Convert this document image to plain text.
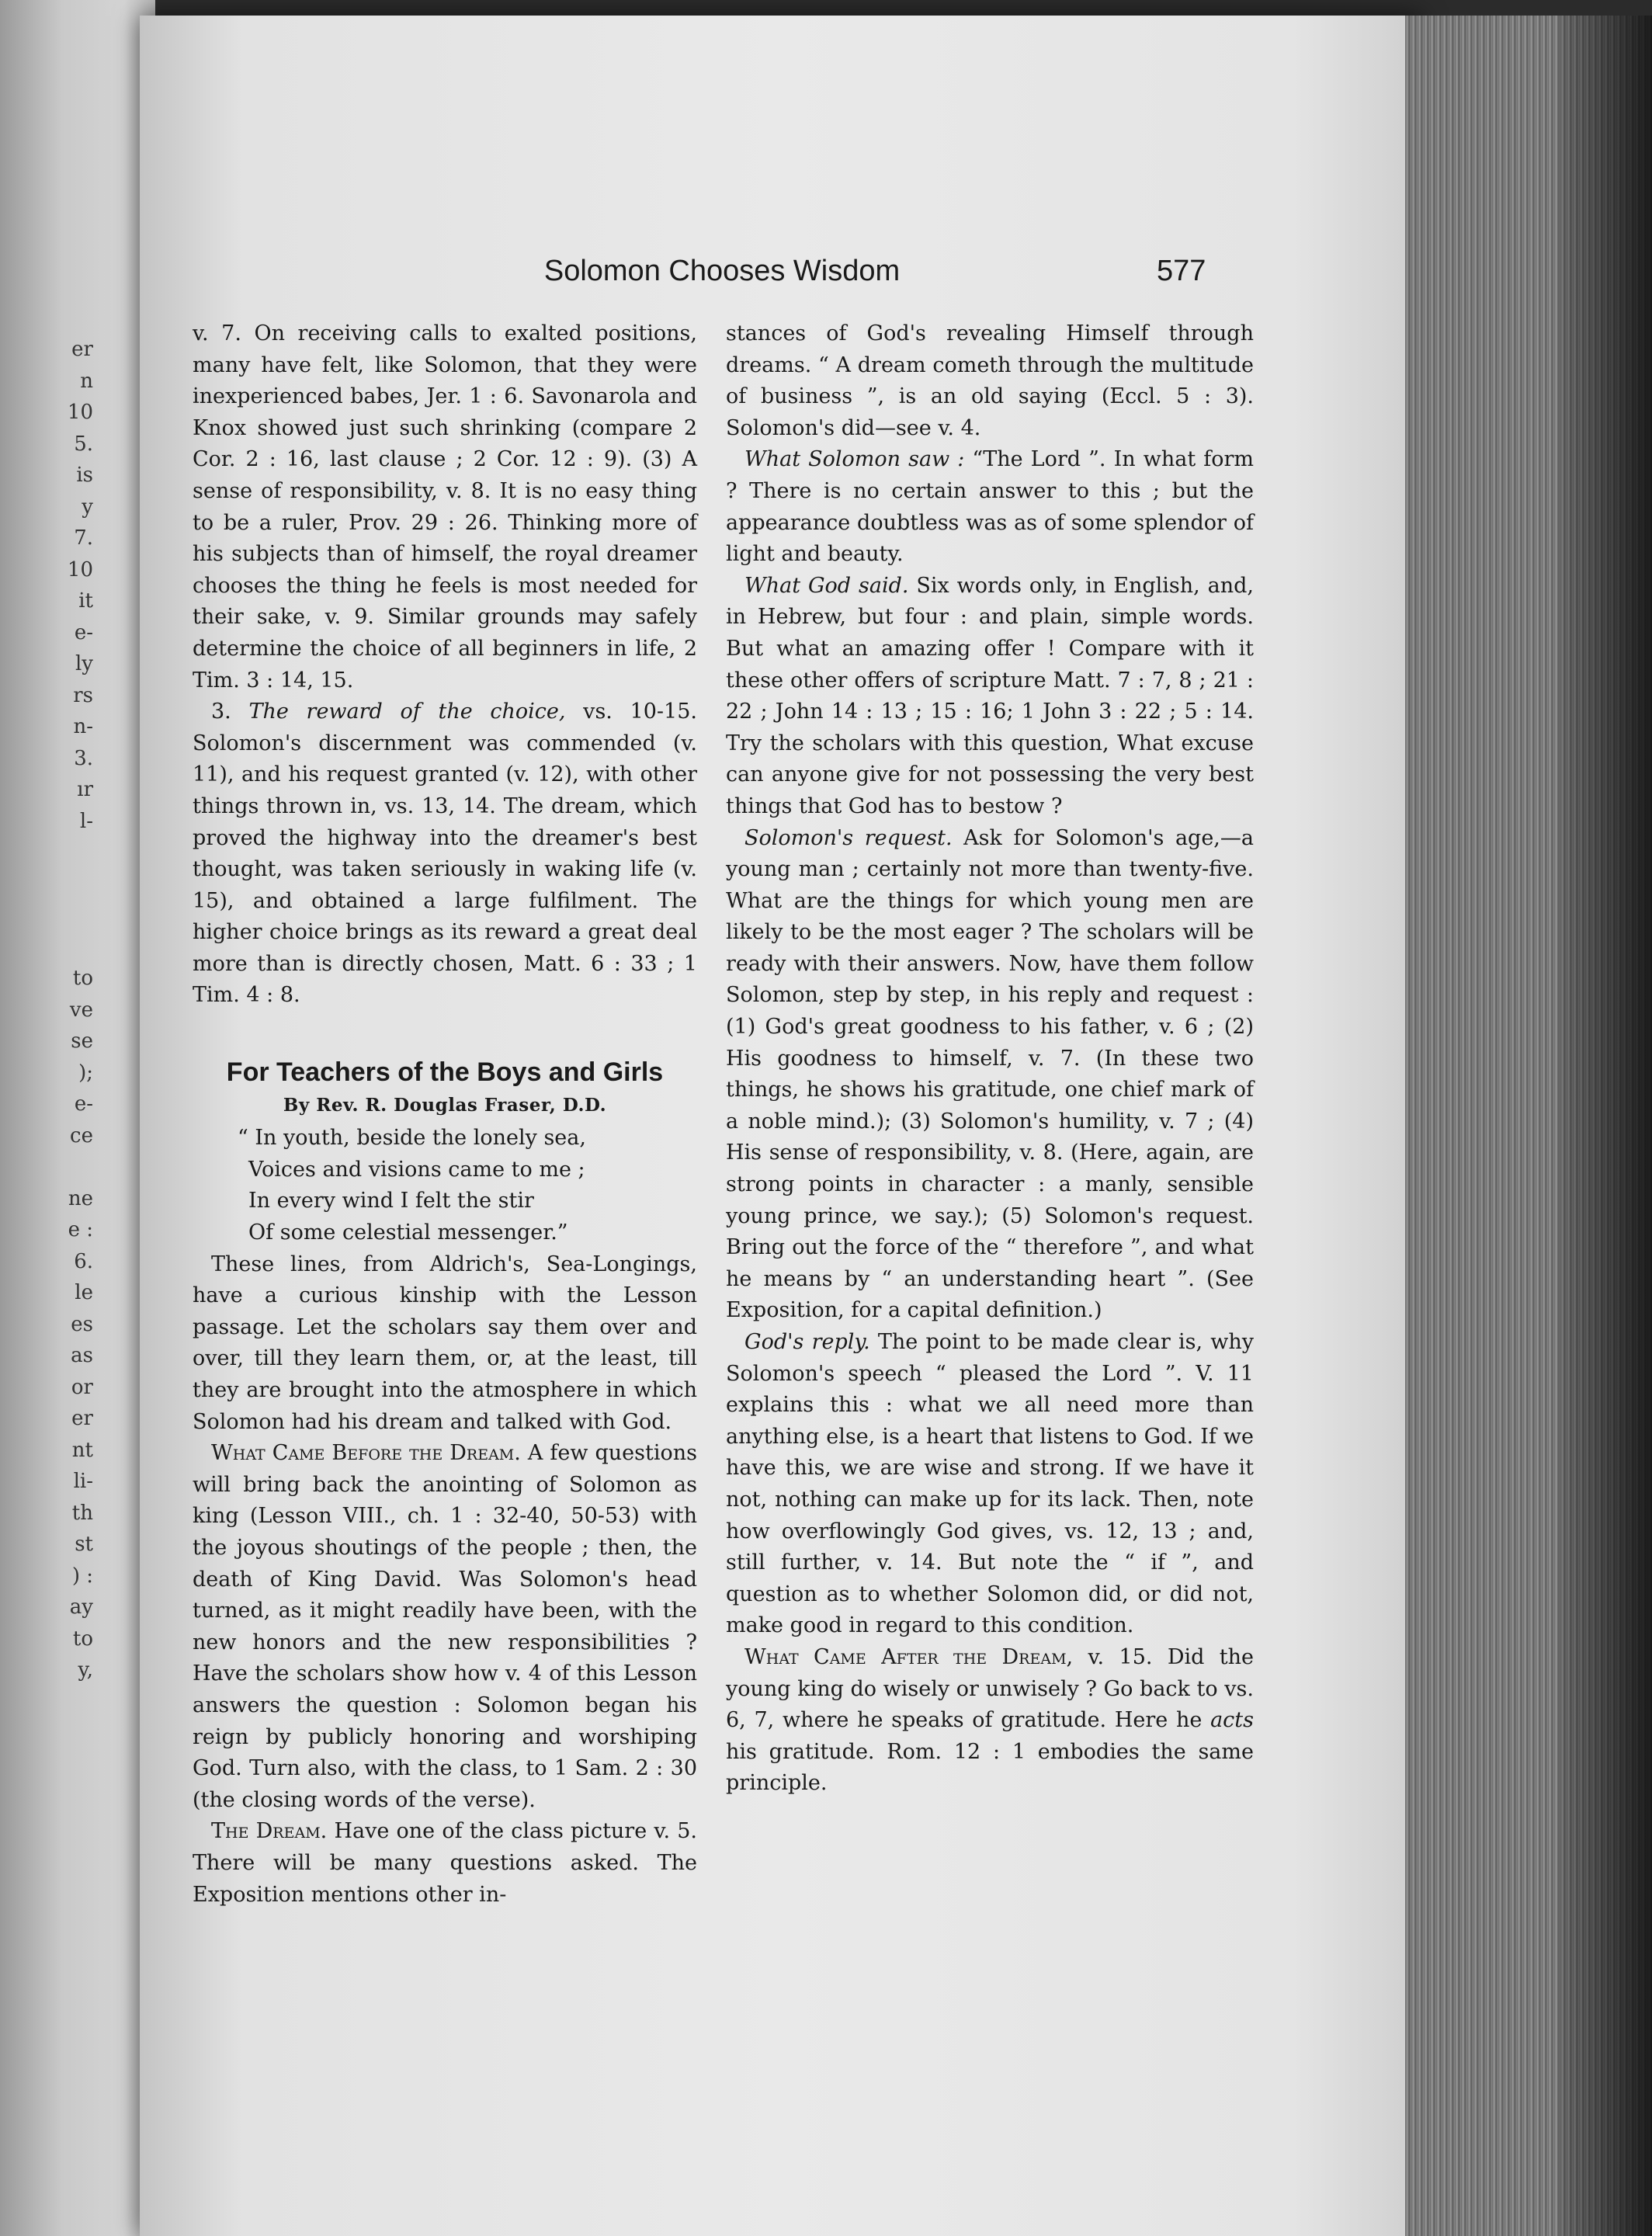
er
n
10
5.
is
y
7.
10
it
e-
ly
rs
n-
3.
ır
l-
to
ve
se
);
e-
ce
ne
e :
6.
le
es
as
or
er
nt
li-
th
st
) :
ay
to
y,
Solomon Chooses Wisdom	577

v. 7. On receiving calls to exalted positions, many have felt, like Solomon, that they were inexperienced babes, Jer. 1 : 6. Savonarola and Knox showed just such shrinking (compare 2 Cor. 2 : 16, last clause ; 2 Cor. 12 : 9). (3) A sense of responsibility, v. 8. It is no easy thing to be a ruler, Prov. 29 : 26. Thinking more of his subjects than of himself, the royal dreamer chooses the thing he feels is most needed for their sake, v. 9. Similar grounds may safely determine the choice of all beginners in life, 2 Tim. 3 : 14, 15.

3. The reward of the choice, vs. 10-15. Solomon's discernment was commended (v. 11), and his request granted (v. 12), with other things thrown in, vs. 13, 14. The dream, which proved the highway into the dreamer's best thought, was taken seriously in waking life (v. 15), and obtained a large fulfilment. The higher choice brings as its reward a great deal more than is directly chosen, Matt. 6 : 33 ; 1 Tim. 4 : 8.

For Teachers of the Boys and Girls
By Rev. R. Douglas Fraser, D.D.
“ In youth, beside the lonely sea,
Voices and visions came to me ;
In every wind I felt the stir
Of some celestial messenger.”

These lines, from Aldrich's, Sea-Longings, have a curious kinship with the Lesson passage. Let the scholars say them over and over, till they learn them, or, at the least, till they are brought into the atmosphere in which Solomon had his dream and talked with God.

What Came Before the Dream. A few questions will bring back the anointing of Solomon as king (Lesson VIII., ch. 1 : 32-40, 50-53) with the joyous shoutings of the people ; then, the death of King David. Was Solomon's head turned, as it might readily have been, with the new honors and the new responsibilities ? Have the scholars show how v. 4 of this Lesson answers the question : Solomon began his reign by publicly honoring and worshiping God. Turn also, with the class, to 1 Sam. 2 : 30 (the closing words of the verse).

The Dream. Have one of the class picture v. 5. There will be many questions asked. The Exposition mentions other in-

stances of God's revealing Himself through dreams. “ A dream cometh through the multitude of business ”, is an old saying (Eccl. 5 : 3). Solomon's did—see v. 4.

What Solomon saw : “The Lord ”. In what form ? There is no certain answer to this ; but the appearance doubtless was as of some splendor of light and beauty.

What God said. Six words only, in English, and, in Hebrew, but four : and plain, simple words. But what an amazing offer ! Compare with it these other offers of scripture Matt. 7 : 7, 8 ; 21 : 22 ; John 14 : 13 ; 15 : 16; 1 John 3 : 22 ; 5 : 14. Try the scholars with this question, What excuse can anyone give for not possessing the very best things that God has to bestow ?

Solomon's request. Ask for Solomon's age,—a young man ; certainly not more than twenty-five. What are the things for which young men are likely to be the most eager ? The scholars will be ready with their answers. Now, have them follow Solomon, step by step, in his reply and request : (1) God's great goodness to his father, v. 6 ; (2) His goodness to himself, v. 7. (In these two things, he shows his gratitude, one chief mark of a noble mind.); (3) Solomon's humility, v. 7 ; (4) His sense of responsibility, v. 8. (Here, again, are strong points in character : a manly, sensible young prince, we say.); (5) Solomon's request. Bring out the force of the “ therefore ”, and what he means by “ an understanding heart ”. (See Exposition, for a capital definition.)

God's reply. The point to be made clear is, why Solomon's speech “ pleased the Lord ”. V. 11 explains this : what we all need more than anything else, is a heart that listens to God. If we have this, we are wise and strong. If we have it not, nothing can make up for its lack. Then, note how overflowingly God gives, vs. 12, 13 ; and, still further, v. 14. But note the “ if ”, and question as to whether Solomon did, or did not, make good in regard to this condition.

What Came After the Dream, v. 15. Did the young king do wisely or unwisely ? Go back to vs. 6, 7, where he speaks of gratitude. Here he acts his gratitude. Rom. 12 : 1 embodies the same principle.
